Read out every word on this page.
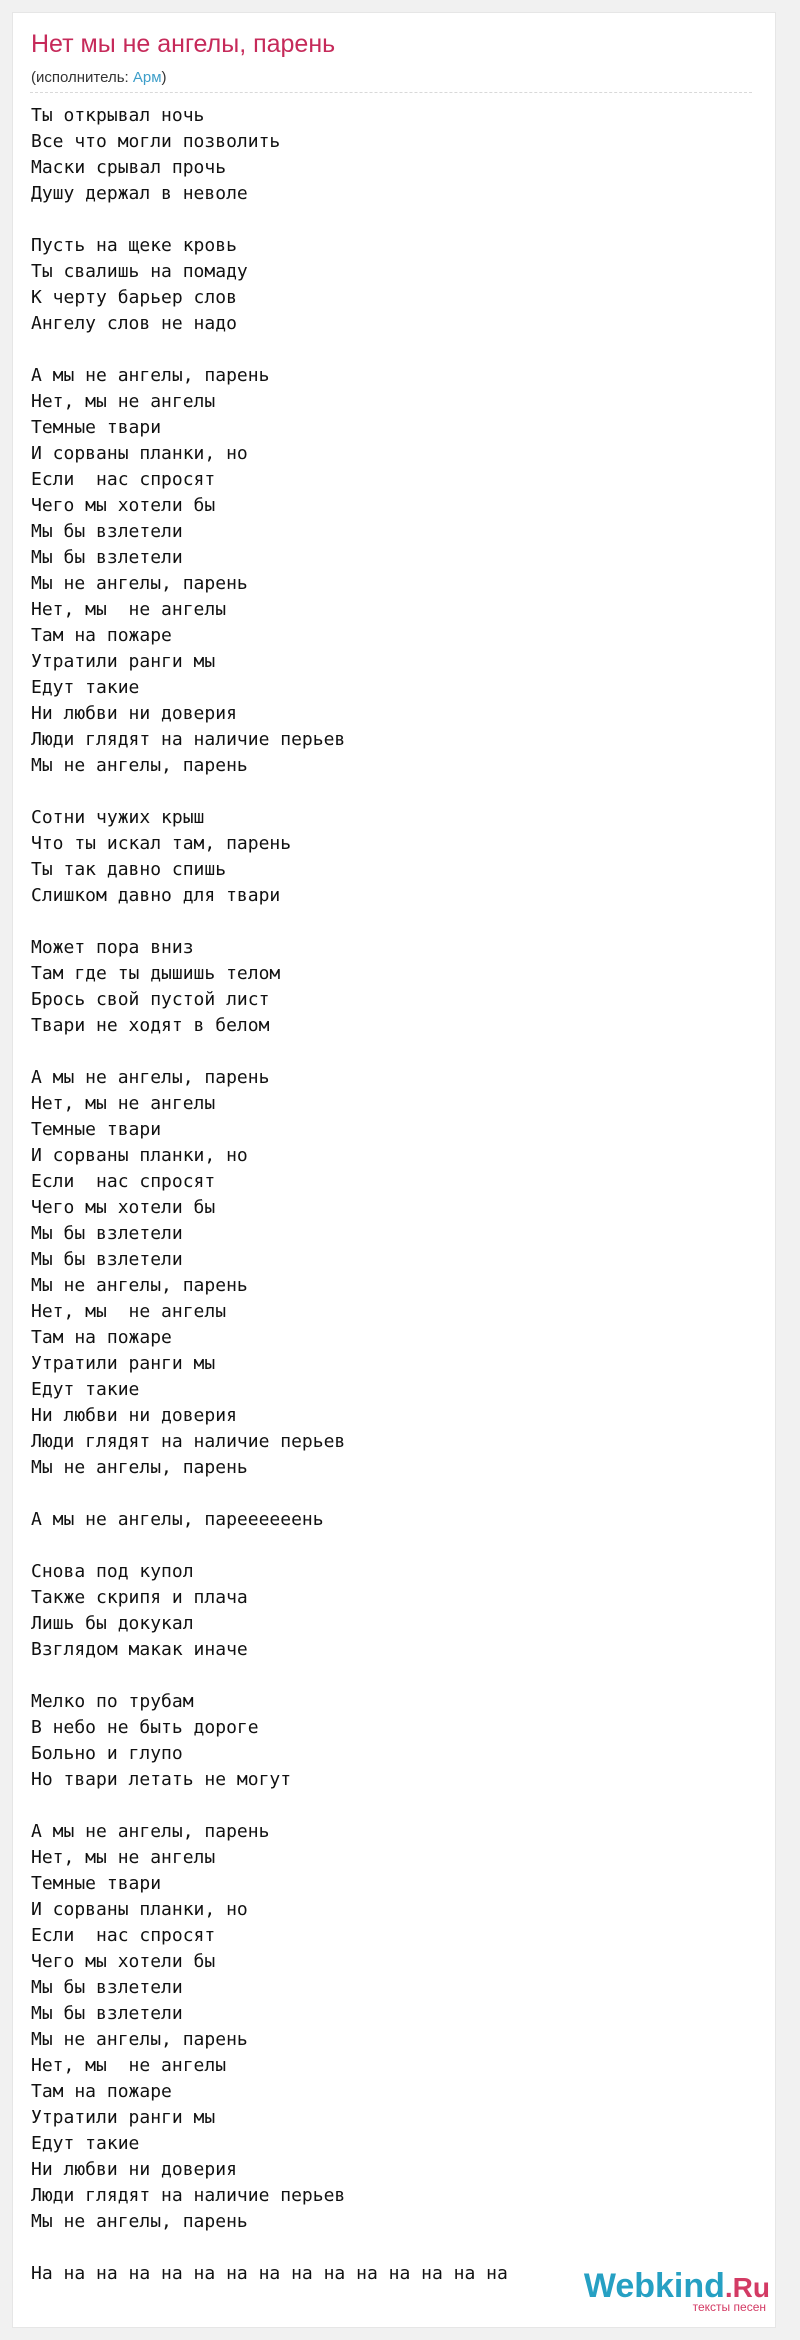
Нет мы не ангелы, парень
(исполнитель: Арм)
Ты открывал ночь
Все что могли позволить
Маски срывал прочь
Душу держал в неволе

Пусть на щеке кровь
Ты свалишь на помаду
К черту барьер слов
Ангелу слов не надо

А мы не ангелы, парень
Нет, мы не ангелы
Темные твари
И сорваны планки, но
Если  нас спросят
Чего мы хотели бы
Мы бы взлетели
Мы бы взлетели
Мы не ангелы, парень
Нет, мы  не ангелы
Там на пожаре
Утратили ранги мы
Едут такие
Ни любви ни доверия
Люди глядят на наличие перьев
Мы не ангелы, парень

Сотни чужих крыш
Что ты искал там, парень
Ты так давно спишь
Слишком давно для твари

Может пора вниз
Там где ты дышишь телом
Брось свой пустой лист
Твари не ходят в белом

А мы не ангелы, парень
Нет, мы не ангелы
Темные твари
И сорваны планки, но
Если  нас спросят
Чего мы хотели бы
Мы бы взлетели
Мы бы взлетели
Мы не ангелы, парень
Нет, мы  не ангелы
Там на пожаре
Утратили ранги мы
Едут такие
Ни любви ни доверия
Люди глядят на наличие перьев
Мы не ангелы, парень

А мы не ангелы, пареееееень

Снова под купол
Также скрипя и плача
Лишь бы докукал
Взглядом макак иначе

Мелко по трубам
В небо не быть дороге
Больно и глупо
Но твари летать не могут

А мы не ангелы, парень
Нет, мы не ангелы
Темные твари
И сорваны планки, но
Если  нас спросят
Чего мы хотели бы
Мы бы взлетели
Мы бы взлетели
Мы не ангелы, парень
Нет, мы  не ангелы
Там на пожаре
Утратили ранги мы
Едут такие
Ни любви ни доверия
Люди глядят на наличие перьев
Мы не ангелы, парень

На на на на на на на на на на на на на на на	Webkind.Ru
тексты песен
